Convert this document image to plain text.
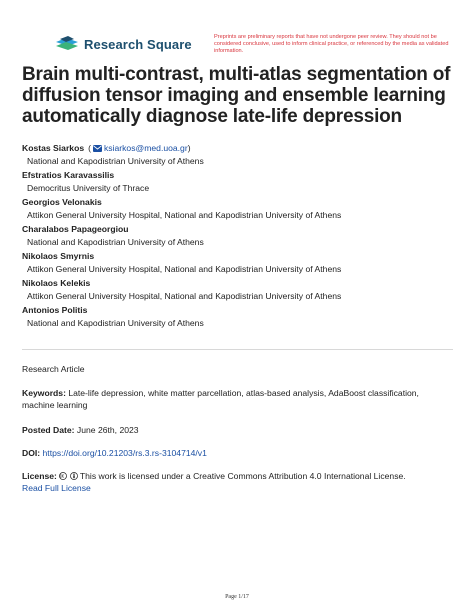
Research Square	Preprints are preliminary reports that have not undergone peer review. They should not be considered conclusive, used to inform clinical practice, or referenced by the media as validated information.
Brain multi-contrast, multi-atlas segmentation of diffusion tensor imaging and ensemble learning automatically diagnose late-life depression
Kostas Siarkos ( ksiarkos@med.uoa.gr)
National and Kapodistrian University of Athens
Efstratios Karavassilis
Democritus University of Thrace
Georgios Velonakis
Attikon General University Hospital, National and Kapodistrian University of Athens
Charalabos Papageorgiou
National and Kapodistrian University of Athens
Nikolaos Smyrnis
Attikon General University Hospital, National and Kapodistrian University of Athens
Nikolaos Kelekis
Attikon General University Hospital, National and Kapodistrian University of Athens
Antonios Politis
National and Kapodistrian University of Athens
Research Article
Keywords: Late-life depression, white matter parcellation, atlas-based analysis, AdaBoost classification, machine learning
Posted Date: June 26th, 2023
DOI: https://doi.org/10.21203/rs.3.rs-3104714/v1
License:	This work is licensed under a Creative Commons Attribution 4.0 International License.
Read Full License
Page 1/17
